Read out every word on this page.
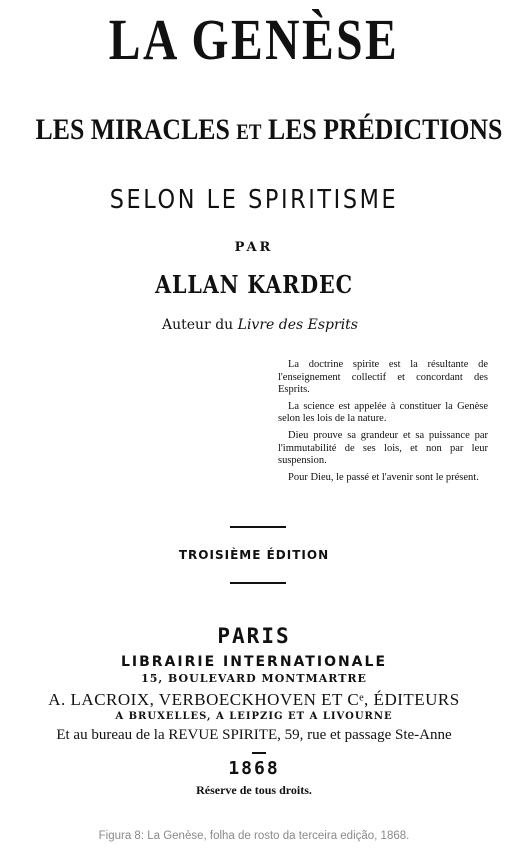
LA GENÈSE
LES MIRACLES ET LES PRÉDICTIONS
SELON LE SPIRITISME
PAR
ALLAN KARDEC
Auteur du Livre des Esprits

La doctrine spirite est la résultante de l'enseignement collectif et concordant des Esprits.

La science est appelée à constituer la Genèse selon les lois de la nature.

Dieu prouve sa grandeur et sa puissance par l'immutabilité de ses lois, et non par leur suspension.

Pour Dieu, le passé et l'avenir sont le présent.

TROISIÈME ÉDITION
PARIS
LIBRAIRIE INTERNATIONALE
15, BOULEVARD MONTMARTRE
A. LACROIX, VERBOECKHOVEN ET Cᵉ, ÉDITEURS
A BRUXELLES, A LEIPZIG ET A LIVOURNE
Et au bureau de la REVUE SPIRITE, 59, rue et passage Ste-Anne
1868
Réserve de tous droits.
Figura 8: La Genèse, folha de rosto da terceira edição, 1868.
